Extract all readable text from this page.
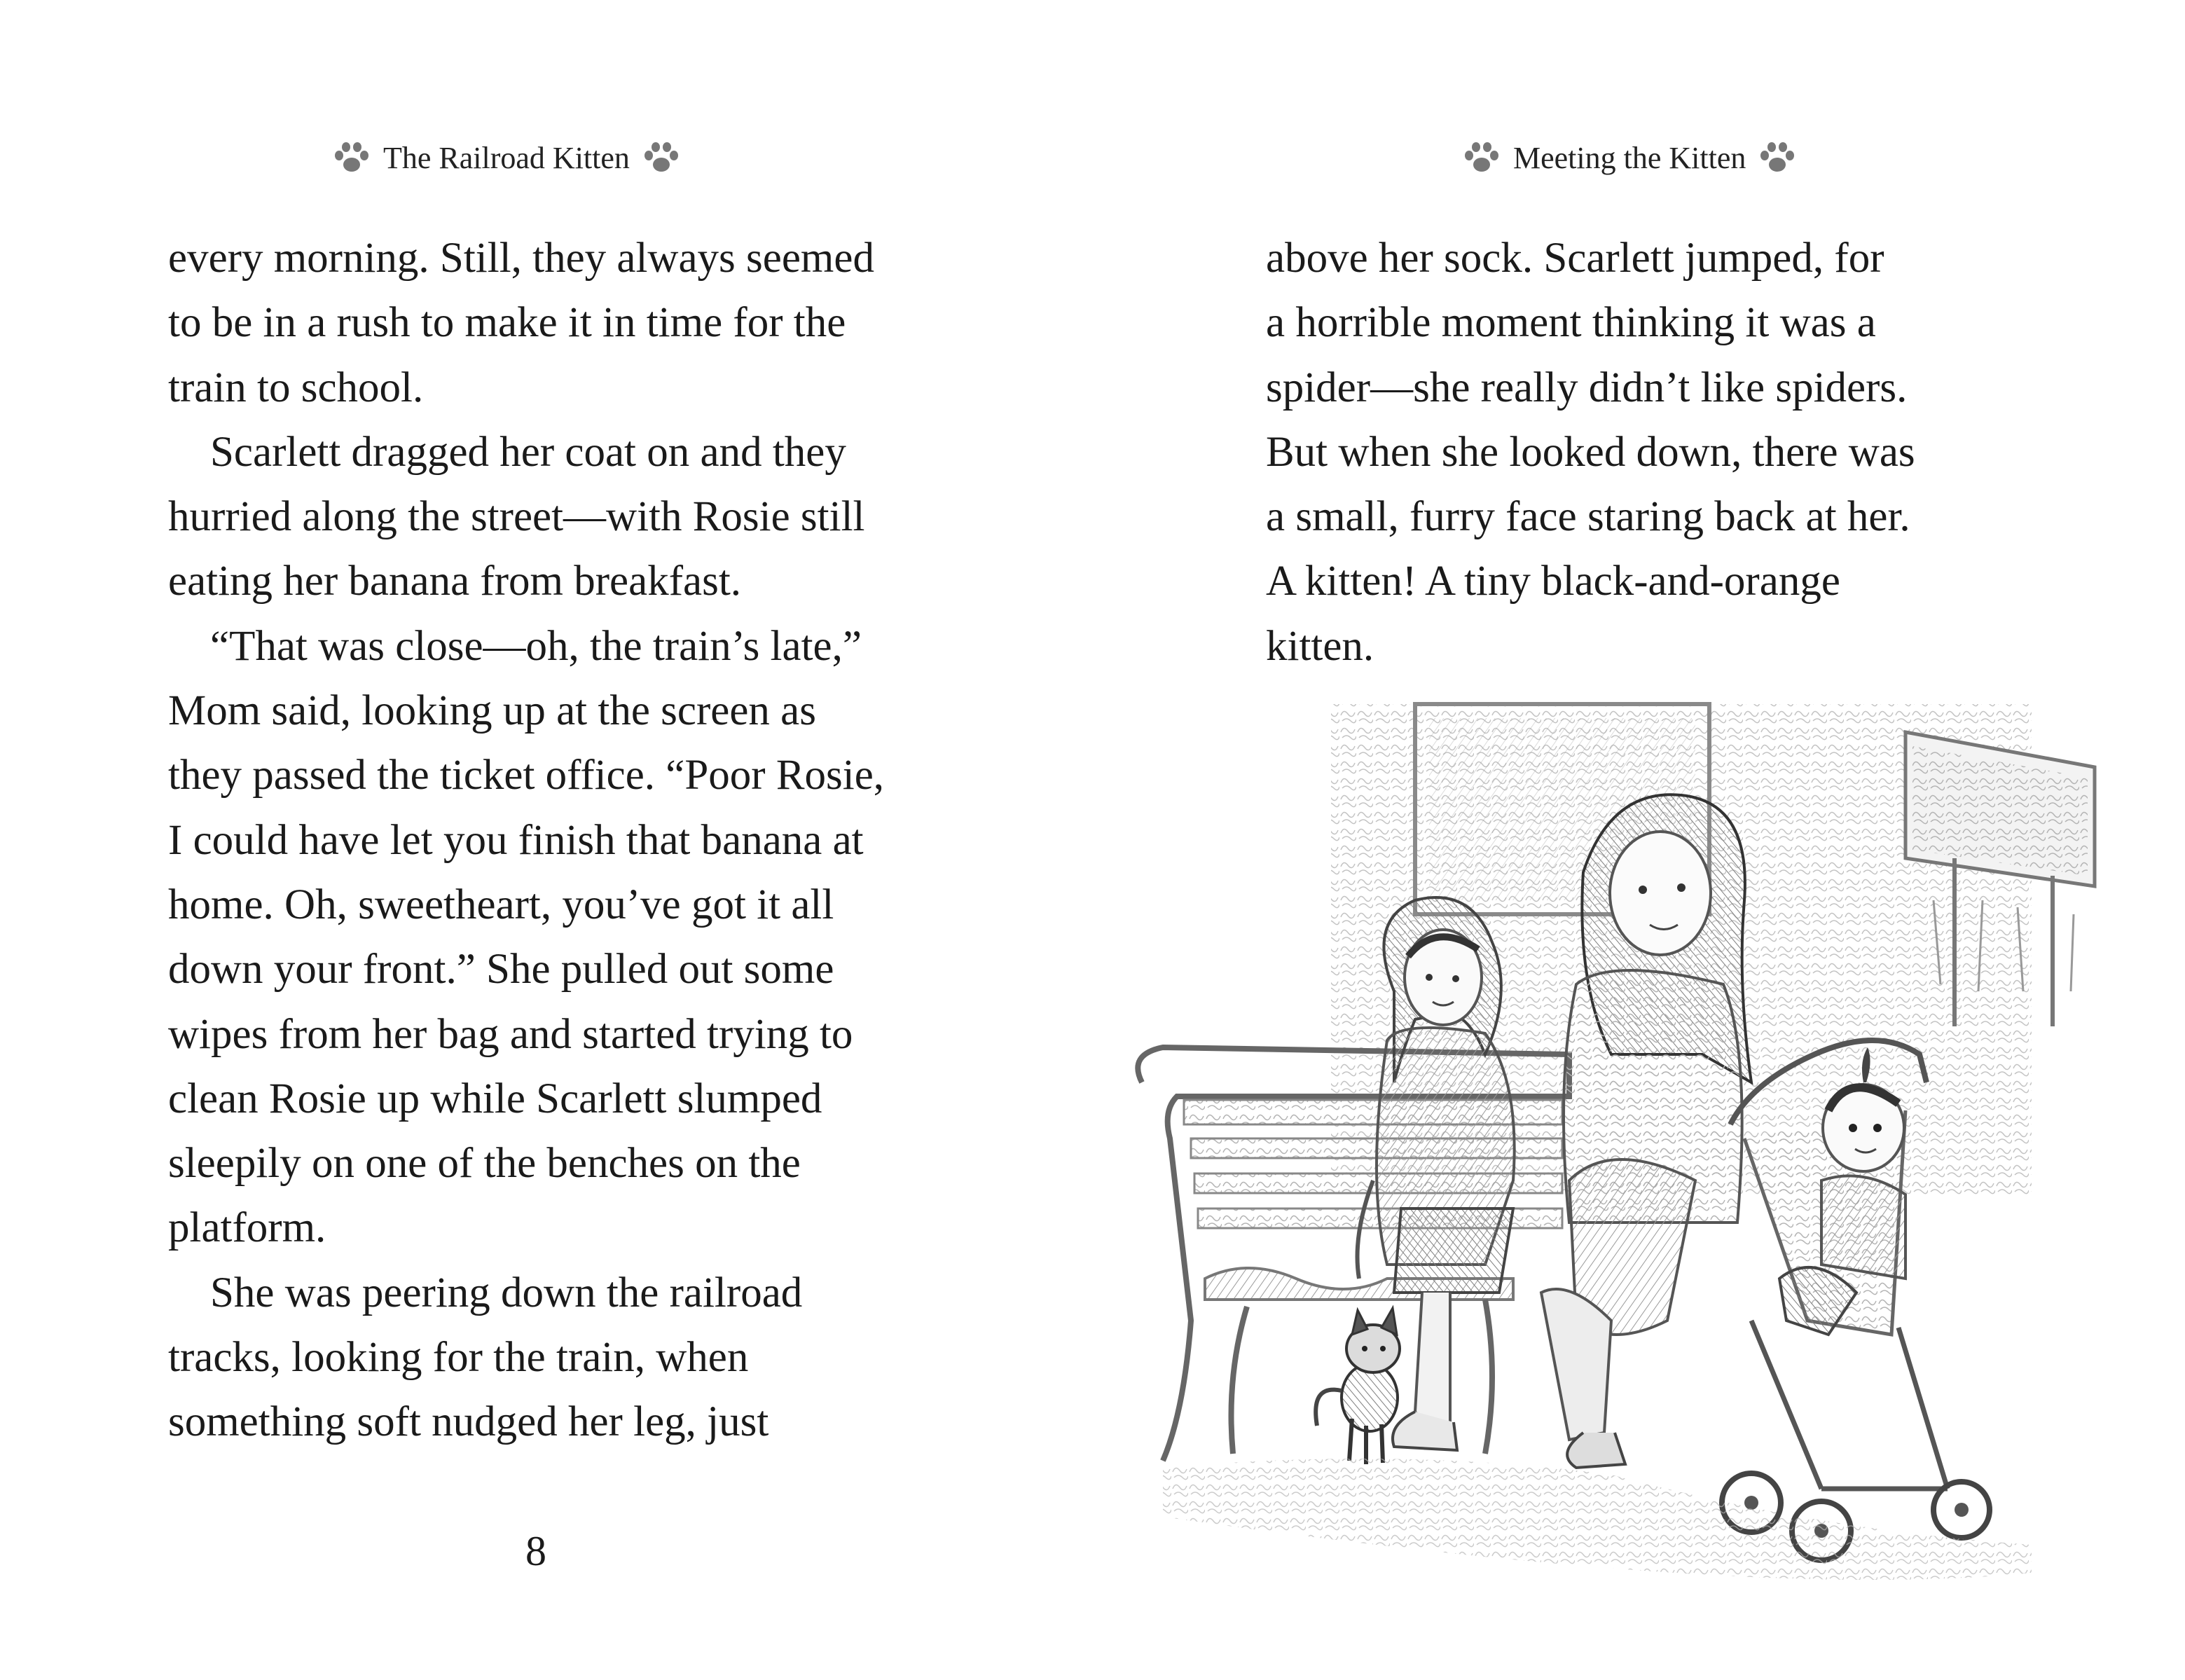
The Railroad Kitten
every morning. Still, they always seemed
to be in a rush to make it in time for the
train to school.
Scarlett dragged her coat on and they
hurried along the street—with Rosie still
eating her banana from breakfast.
“That was close—oh, the train’s late,”
Mom said, looking up at the screen as
they passed the ticket office. “Poor Rosie,
I could have let you finish that banana at
home. Oh, sweetheart, you’ve got it all
down your front.” She pulled out some
wipes from her bag and started trying to
clean Rosie up while Scarlett slumped
sleepily on one of the benches on the
platform.
She was peering down the railroad
tracks, looking for the train, when
something soft nudged her leg, just
8
Meeting the Kitten
above her sock. Scarlett jumped, for
a horrible moment thinking it was a
spider—she really didn’t like spiders.
But when she looked down, there was
a small, furry face staring back at her.
A kitten! A tiny black-and-orange
kitten.
